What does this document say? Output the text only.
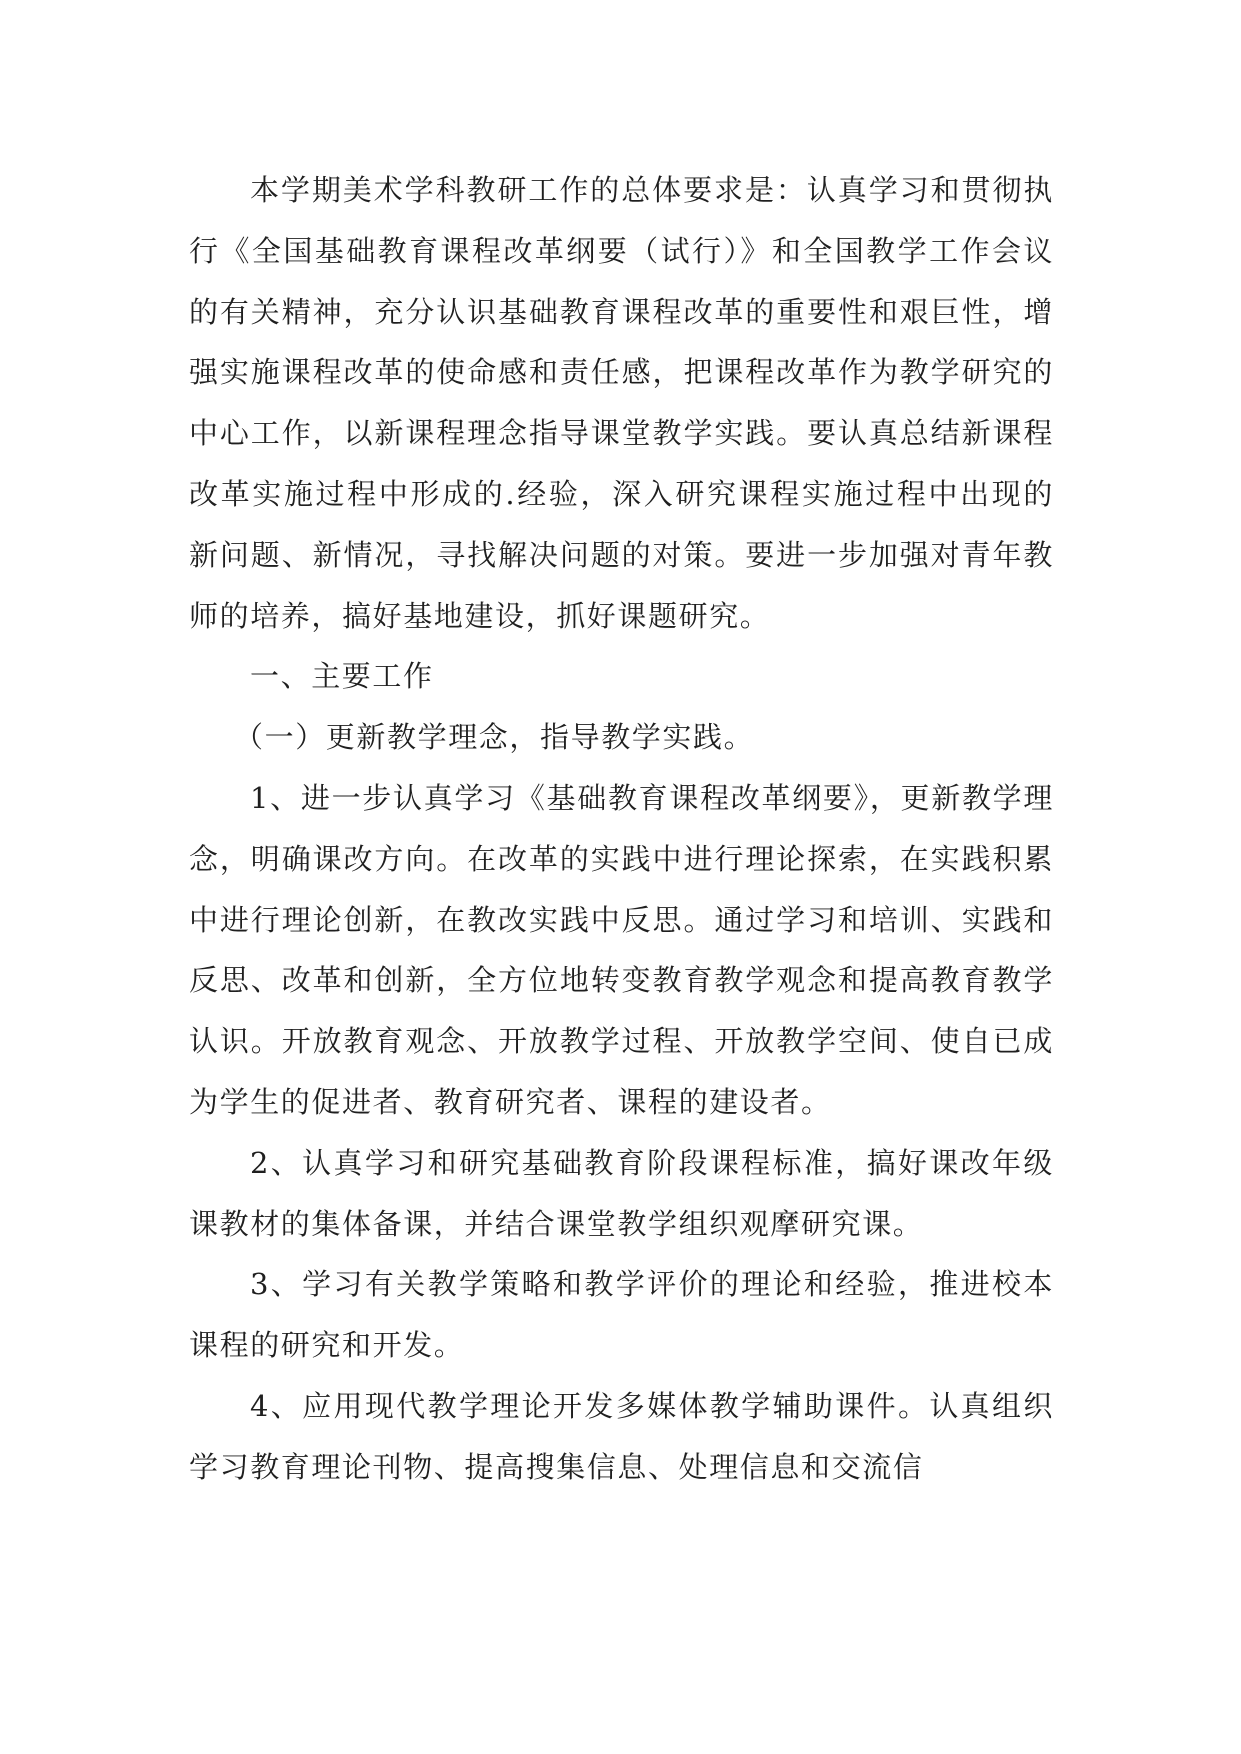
本学期美术学科教研工作的总体要求是：认真学习和贯彻执行《全国基础教育课程改革纲要（试行）》和全国教学工作会议的有关精神，充分认识基础教育课程改革的重要性和艰巨性，增强实施课程改革的使命感和责任感，把课程改革作为教学研究的中心工作，以新课程理念指导课堂教学实践。要认真总结新课程改革实施过程中形成的.经验，深入研究课程实施过程中出现的新问题、新情况，寻找解决问题的对策。要进一步加强对青年教师的培养，搞好基地建设，抓好课题研究。

一、主要工作

（一）更新教学理念，指导教学实践。

1、进一步认真学习《基础教育课程改革纲要》，更新教学理念，明确课改方向。在改革的实践中进行理论探索，在实践积累中进行理论创新，在教改实践中反思。通过学习和培训、实践和反思、改革和创新，全方位地转变教育教学观念和提高教育教学认识。开放教育观念、开放教学过程、开放教学空间、使自已成为学生的促进者、教育研究者、课程的建设者。

2、认真学习和研究基础教育阶段课程标准，搞好课改年级课教材的集体备课，并结合课堂教学组织观摩研究课。

3、学习有关教学策略和教学评价的理论和经验，推进校本课程的研究和开发。

4、应用现代教学理论开发多媒体教学辅助课件。认真组织学习教育理论刊物、提高搜集信息、处理信息和交流信
